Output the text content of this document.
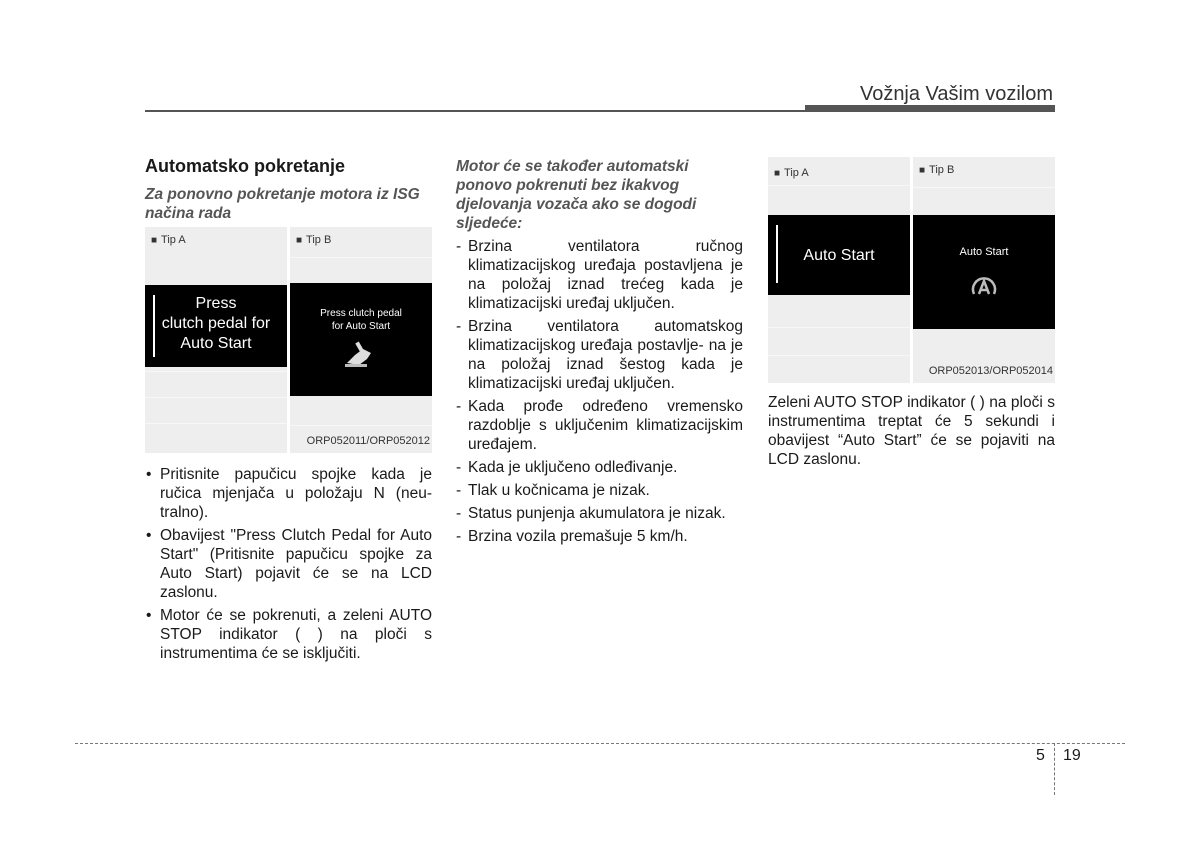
Vožnja Vašim vozilom
Automatsko pokretanje
Za ponovno pokretanje motora iz ISG načina rada
■ Tip A
Press
clutch pedal for
Auto Start
■ Tip B
Press clutch pedal
for Auto Start
ORP052011/ORP052012
• Pritisnite papučicu spojke kada je ručica mjenjača u položaju N (neu- tralno).
• Obavijest "Press Clutch Pedal for Auto Start" (Pritisnite papučicu spojke za Auto Start) pojavit će se na LCD zaslonu.
• Motor će se pokrenuti, a zeleni AUTO STOP indikator ( ) na ploči s instrumentima će se isključiti.
Motor će se također automatski ponovo pokrenuti bez ikakvog djelovanja vozača ako se dogodi sljedeće:
- Brzina ventilatora ručnog klimatizacijskog uređaja postavljena je na položaj iznad trećeg kada je klimatizacijski uređaj uključen.
- Brzina ventilatora automatskog klimatizacijskog uređaja postavlje- na je na položaj iznad šestog kada je klimatizacijski uređaj uključen.
- Kada prođe određeno vremensko razdoblje s uključenim klimatizacijskim uređajem.
- Kada je uključeno odleđivanje.
- Tlak u kočnicama je nizak.
- Status punjenja akumulatora je nizak.
- Brzina vozila premašuje 5 km/h.
■ Tip A
Auto Start
■ Tip B
Auto Start
ORP052013/ORP052014
Zeleni AUTO STOP indikator ( ) na ploči s instrumentima treptat će 5 sekundi i obavijest “Auto Start” će se pojaviti na LCD zaslonu.
5 19
